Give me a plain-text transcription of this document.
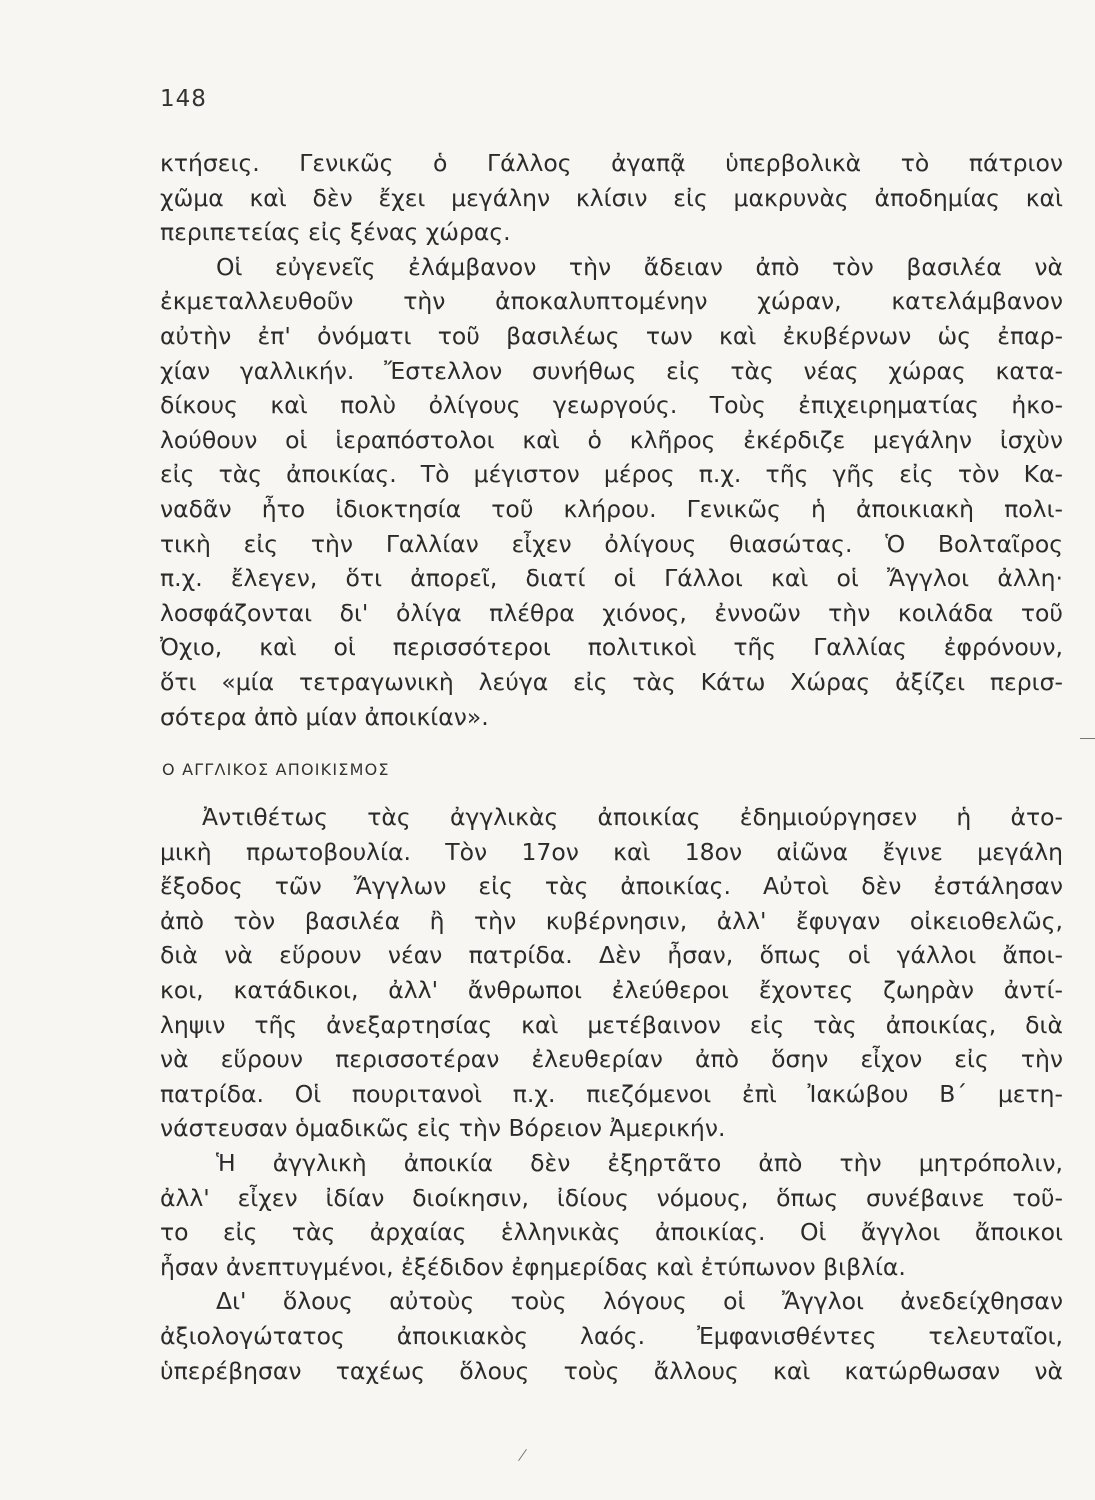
148
κτήσεις. Γενικῶς ὁ Γάλλος ἀγαπᾷ ὑπερβολικὰ τὸ πάτριον
χῶμα καὶ δὲν ἔχει μεγάλην κλίσιν εἰς μακρυνὰς ἀποδημίας καὶ
περιπετείας εἰς ξένας χώρας.
Οἱ εὐγενεῖς ἐλάμβανον τὴν ἄδειαν ἀπὸ τὸν βασιλέα νὰ
ἐκμεταλλευθοῦν τὴν ἀποκαλυπτομένην χώραν, κατελάμβανον
αὐτὴν ἐπ' ὀνόματι τοῦ βασιλέως των καὶ ἐκυβέρνων ὡς ἐπαρ-
χίαν γαλλικήν. Ἔστελλον συνήθως εἰς τὰς νέας χώρας κατα-
δίκους καὶ πολὺ ὀλίγους γεωργούς. Τοὺς ἐπιχειρηματίας ἠκο-
λούθουν οἱ ἱεραπόστολοι καὶ ὁ κλῆρος ἐκέρδιζε μεγάλην ἰσχὺν
εἰς τὰς ἀποικίας. Τὸ μέγιστον μέρος π.χ. τῆς γῆς εἰς τὸν Κα-
ναδᾶν ἦτο ἰδιοκτησία τοῦ κλήρου. Γενικῶς ἡ ἀποικιακὴ πολι-
τικὴ εἰς τὴν Γαλλίαν εἶχεν ὀλίγους θιασώτας. Ὁ Βολταῖρος
π.χ. ἔλεγεν, ὅτι ἀπορεῖ, διατί οἱ Γάλλοι καὶ οἱ Ἄγγλοι ἀλλη·
λοσφάζονται δι' ὀλίγα πλέθρα χιόνος, ἐννοῶν τὴν κοιλάδα τοῦ
Ὀχιο, καὶ οἱ περισσότεροι πολιτικοὶ τῆς Γαλλίας ἐφρόνουν,
ὅτι «μία τετραγωνικὴ λεύγα εἰς τὰς Κάτω Χώρας ἀξίζει περισ-
σότερα ἀπὸ μίαν ἀποικίαν».
Ο ΑΓΓΛΙΚΟΣ ΑΠΟΙΚΙΣΜΟΣ
Ἀντιθέτως τὰς ἀγγλικὰς ἀποικίας ἐδημιούργησεν ἡ ἀτο-
μικὴ πρωτοβουλία. Τὸν 17ον καὶ 18ον αἰῶνα ἔγινε μεγάλη
ἔξοδος τῶν Ἄγγλων εἰς τὰς ἀποικίας. Αὐτοὶ δὲν ἐστάλησαν
ἀπὸ τὸν βασιλέα ἢ τὴν κυβέρνησιν, ἀλλ' ἔφυγαν οἰκειοθελῶς,
διὰ νὰ εὕρουν νέαν πατρίδα. Δὲν ἦσαν, ὅπως οἱ γάλλοι ἄποι-
κοι, κατάδικοι, ἀλλ' ἄνθρωποι ἐλεύθεροι ἔχοντες ζωηρὰν ἀντί-
ληψιν τῆς ἀνεξαρτησίας καὶ μετέβαινον εἰς τὰς ἀποικίας, διὰ
νὰ εὕρουν περισσοτέραν ἐλευθερίαν ἀπὸ ὅσην εἶχον εἰς τὴν
πατρίδα. Οἱ πουριτανοὶ π.χ. πιεζόμενοι ἐπὶ Ἰακώβου Β΄ μετη-
νάστευσαν ὁμαδικῶς εἰς τὴν Βόρειον Ἀμερικήν.
Ἡ ἀγγλικὴ ἀποικία δὲν ἐξηρτᾶτο ἀπὸ τὴν μητρόπολιν,
ἀλλ' εἶχεν ἰδίαν διοίκησιν, ἰδίους νόμους, ὅπως συνέβαινε τοῦ-
το εἰς τὰς ἀρχαίας ἑλληνικὰς ἀποικίας. Οἱ ἄγγλοι ἄποικοι
ἦσαν ἀνεπτυγμένοι, ἐξέδιδον ἐφημερίδας καὶ ἐτύπωνον βιβλία.
Δι' ὅλους αὐτοὺς τοὺς λόγους οἱ Ἄγγλοι ἀνεδείχθησαν
ἀξιολογώτατος ἀποικιακὸς λαός. Ἐμφανισθέντες τελευταῖοι,
ὑπερέβησαν ταχέως ὅλους τοὺς ἄλλους καὶ κατώρθωσαν νὰ
